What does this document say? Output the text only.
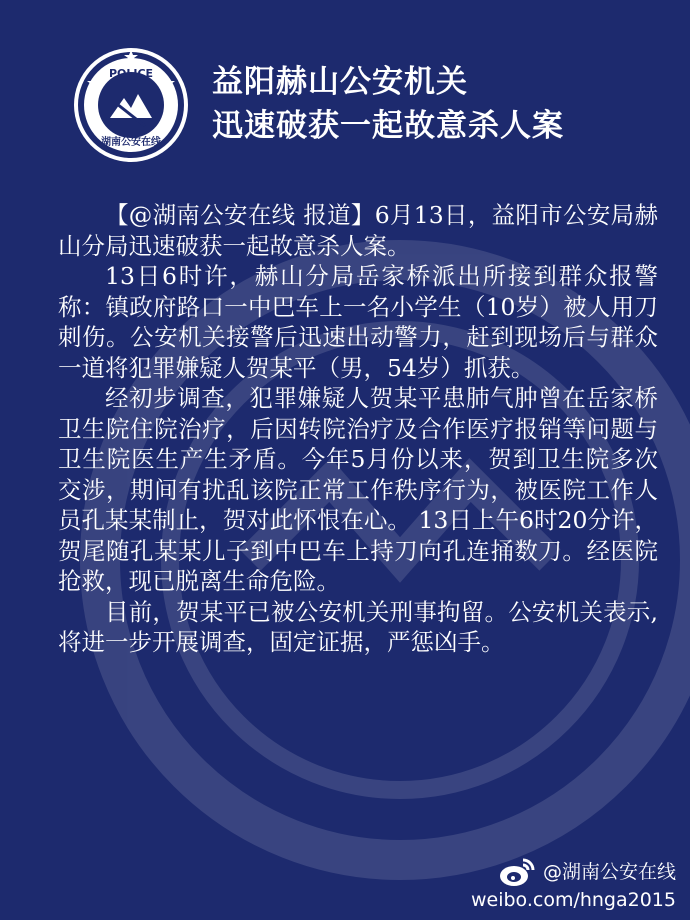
POLICE
湖南公安在线
益阳赫山公安机关
迅速破获一起故意杀人案

【@湖南公安在线 报道】6月13日，益阳市公安局赫山分局迅速破获一起故意杀人案。

13日6时许，赫山分局岳家桥派出所接到群众报警称：镇政府路口一中巴车上一名小学生（10岁）被人用刀刺伤。公安机关接警后迅速出动警力，赶到现场后与群众一道将犯罪嫌疑人贺某平（男，54岁）抓获。

经初步调查，犯罪嫌疑人贺某平患肺气肿曾在岳家桥卫生院住院治疗，后因转院治疗及合作医疗报销等问题与卫生院医生产生矛盾。今年5月份以来，贺到卫生院多次交涉，期间有扰乱该院正常工作秩序行为，被医院工作人员孔某某制止，贺对此怀恨在心。 13日上午6时20分许，贺尾随孔某某儿子到中巴车上持刀向孔连捅数刀。经医院抢救，现已脱离生命危险。

目前，贺某平已被公安机关刑事拘留。公安机关表示,将进一步开展调查，固定证据，严惩凶手。

@湖南公安在线
weibo.com/hnga2015
